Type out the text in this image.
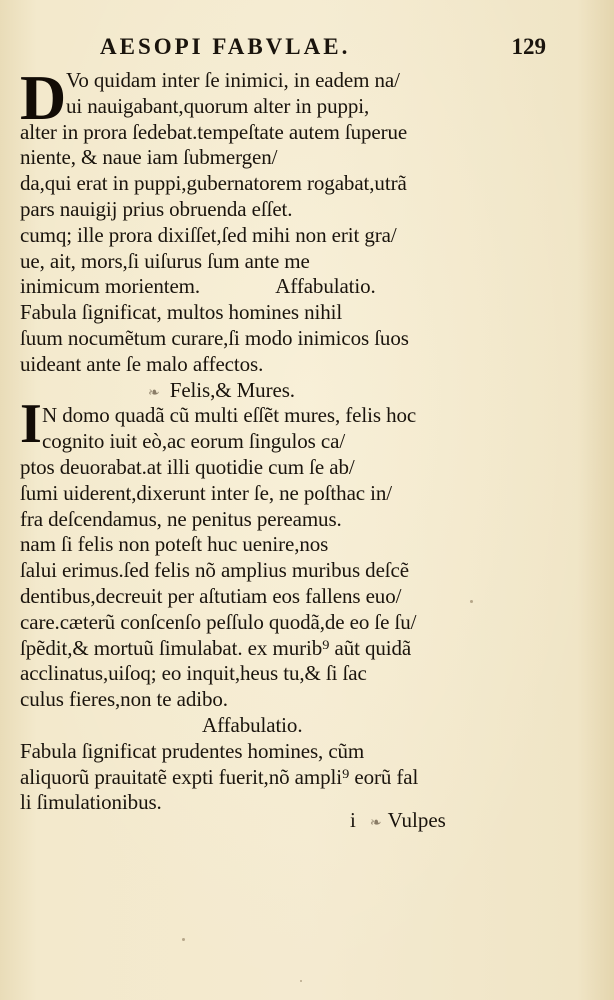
AESOPI FABVLAE.	129
D
I
Vo quidam inter ſe inimici, in eadem na/
ui nauigabant,quorum alter in puppi,
alter in prora ſedebat.tempeſtate autem ſuperue
niente, & naue iam ſubmergen/
da,qui erat in puppi,gubernatorem rogabat,utrã
pars nauigij prius obruenda eſſet.
cumq; ille prora dixiſſet,ſed mihi non erit gra/
ue, ait, mors,ſi uiſurus ſum ante me
inimicum morientem.	Affabulatio.
Fabula ſignificat, multos homines nihil
ſuum nocumẽtum curare,ſi modo inimicos ſuos
uideant ante ſe malo affectos.
❧ Felis,& Mures.
N domo quadã cũ multi eſſẽt mures, felis hoc
cognito iuit eò,ac eorum ſingulos ca/
ptos deuorabat.at illi quotidie cum ſe ab/
ſumi uiderent,dixerunt inter ſe, ne poſthac in/
fra deſcendamus, ne penitus pereamus.
nam ſi felis non poteſt huc uenire,nos
ſalui erimus.ſed felis nõ amplius muribus deſcẽ
dentibus,decreuit per aſtutiam eos fallens euo/
care.cæterũ conſcenſo peſſulo quodã,de eo ſe ſu/
ſpẽdit,& mortuũ ſimulabat. ex murib⁹ aũt quidã
acclinatus,uiſoq; eo inquit,heus tu,& ſi ſac
culus fieres,non te adibo.
Affabulatio.
Fabula ſignificat prudentes homines, cũm
aliquorũ prauitatẽ expti fuerit,nõ ampli⁹ eorũ fal
li ſimulationibus.
i ❧ Vulpes
